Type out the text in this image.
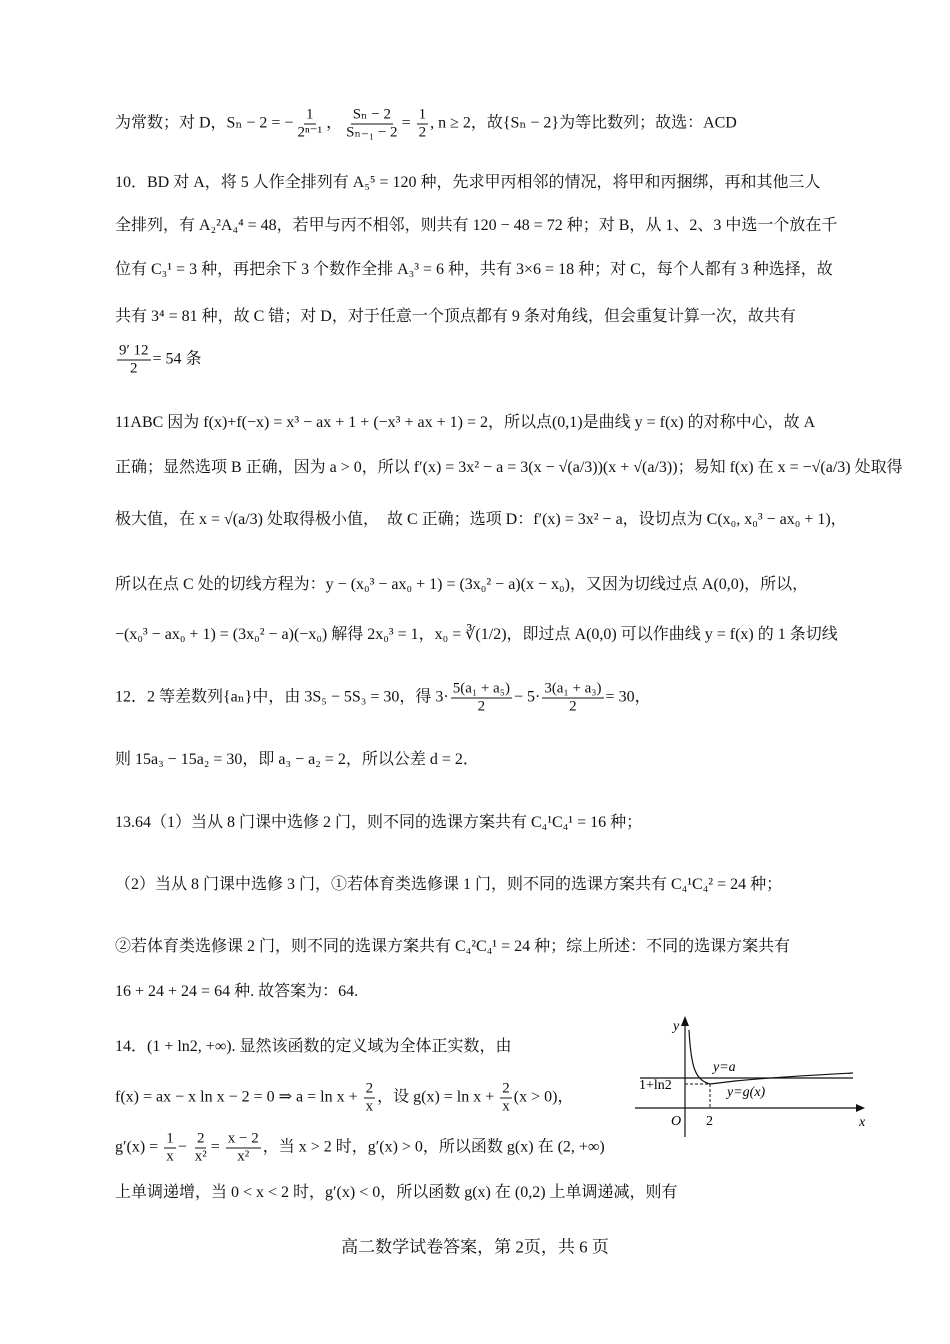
为常数；对 D，Sₙ − 2 = − $\frac{1}{\text{2ⁿ⁻¹}}$ ， $\frac{\text{Sₙ − 2}}{\text{Sₙ₋₁ − 2}} = \frac{1}{2}$ , n ≥ 2，故{Sₙ − 2}为等比数列；故选：ACD
10．BD 对 A，将 5 人作全排列有 A₅⁵ = 120 种，先求甲丙相邻的情况，将甲和丙捆绑，再和其他三人
全排列，有 A₂²A₄⁴ = 48，若甲与丙不相邻，则共有 120 − 48 = 72 种；对 B，从 1、2、3 中选一个放在千
位有 C₃¹ = 3 种，再把余下 3 个数作全排 A₃³ = 6 种，共有 3×6 = 18 种；对 C，每个人都有 3 种选择，故
共有 3⁴ = 81 种，故 C 错；对 D，对于任意一个顶点都有 9 条对角线，但会重复计算一次，故共有
$\frac{9' 12}{2} = 54$ 条
11ABC 因为 f(x)+f(−x) = x³ − ax + 1 + (−x³ + ax + 1) = 2，所以点(0,1)是曲线 y = f(x) 的对称中心，故 A
正确；显然选项 B 正确，因为 a > 0，所以 f′(x) = 3x² − a = 3(x − √(a/3))(x + √(a/3))；易知 f(x) 在 x = −√(a/3) 处取得
极大值，在 x = √(a/3) 处取得极小值，　故 C 正确；选项 D：f′(x) = 3x² − a，设切点为 C(x₀, x₀³ − ax₀ + 1)，
所以在点 C 处的切线方程为：y − (x₀³ − ax₀ + 1) = (3x₀² − a)(x − x₀)，又因为切线过点 A(0,0)，所以，
−(x₀³ − ax₀ + 1) = (3x₀² − a)(−x₀) 解得 2x₀³ = 1，x₀ = ∛(1/2)，即过点 A(0,0) 可以作曲线 y = f(x) 的 1 条切线
12．2 等差数列{aₙ}中，由 3S₅ − 5S₃ = 30，得 $3\cdot \frac{\text{5(a₁ + a₅)}}{2} - 5\cdot \frac{\text{3(a₁ + a₃)}}{2} = 30$，
则 15a₃ − 15a₂ = 30，即 a₃ − a₂ = 2，所以公差 d = 2．
13.64（1）当从 8 门课中选修 2 门，则不同的选课方案共有 C₄¹C₄¹ = 16 种；
（2）当从 8 门课中选修 3 门，①若体育类选修课 1 门，则不同的选课方案共有 C₄¹C₄² = 24 种；
②若体育类选修课 2 门，则不同的选课方案共有 C₄²C₄¹ = 24 种；综上所述：不同的选课方案共有
16 + 24 + 24 = 64 种. 故答案为：64.
14．(1 + ln2, +∞). 显然该函数的定义域为全体正实数，由
f(x) = ax − x ln x − 2 = 0 ⇒ $a = \ln x + \frac{2}{x}$ ，设 $g(x) = \ln x + \frac{2}{x} (x > 0)$，
$g'(x) = \frac{1}{x} - \frac{2}{\text{x²}} = \frac{x - 2}{\text{x²}}$ ，当 x > 2 时，g′(x) > 0，所以函数 g(x) 在 (2, +∞)
上单调递增，当 0 < x < 2 时，g′(x) < 0，所以函数 g(x) 在 (0,2) 上单调递减，则有
y
x
O 2
1+ln2
y=a
y=g(x)
高二数学试卷答案，第 2页，共 6 页
